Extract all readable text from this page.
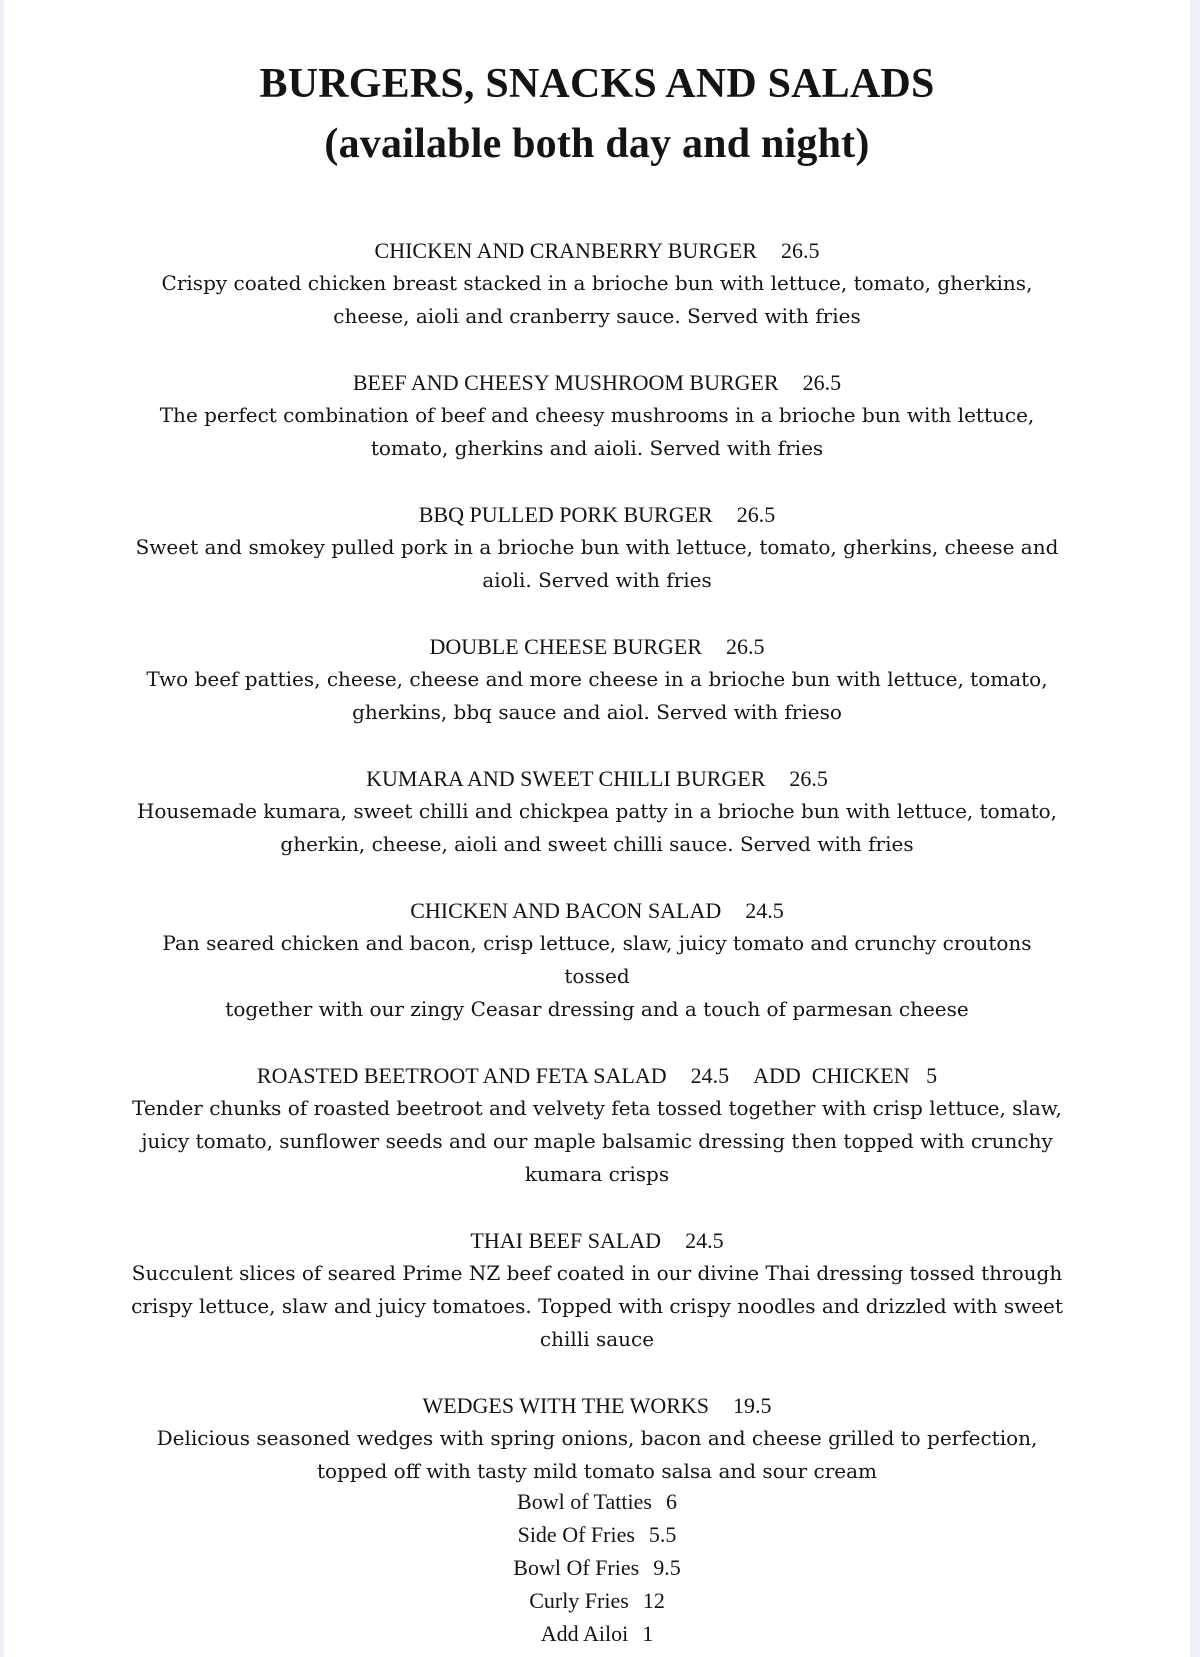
BURGERS, SNACKS AND SALADS

(available both day and night)

CHICKEN AND CRANBERRY BURGER 26.5
Crispy coated chicken breast stacked in a brioche bun with lettuce, tomato, gherkins,
cheese, aioli and cranberry sauce. Served with fries
BEEF AND CHEESY MUSHROOM BURGER 26.5
The perfect combination of beef and cheesy mushrooms in a brioche bun with lettuce,
tomato, gherkins and aioli. Served with fries
BBQ PULLED PORK BURGER 26.5
Sweet and smokey pulled pork in a brioche bun with lettuce, tomato, gherkins, cheese and
aioli. Served with fries
DOUBLE CHEESE BURGER 26.5
Two beef patties, cheese, cheese and more cheese in a brioche bun with lettuce, tomato,
gherkins, bbq sauce and aiol. Served with frieso
KUMARA AND SWEET CHILLI BURGER 26.5
Housemade kumara, sweet chilli and chickpea patty in a brioche bun with lettuce, tomato,
gherkin, cheese, aioli and sweet chilli sauce. Served with fries
CHICKEN AND BACON SALAD 24.5
Pan seared chicken and bacon, crisp lettuce, slaw, juicy tomato and crunchy croutons tossed
together with our zingy Ceasar dressing and a touch of parmesan cheese
ROASTED BEETROOT AND FETA SALAD 24.5 ADD  CHICKEN   5
Tender chunks of roasted beetroot and velvety feta tossed together with crisp lettuce, slaw,
juicy tomato, sunflower seeds and our maple balsamic dressing then topped with crunchy
kumara crisps
THAI BEEF SALAD 24.5
Succulent slices of seared Prime NZ beef coated in our divine Thai dressing tossed through
crispy lettuce, slaw and juicy tomatoes. Topped with crispy noodles and drizzled with sweet
chilli sauce
WEDGES WITH THE WORKS 19.5
Delicious seasoned wedges with spring onions, bacon and cheese grilled to perfection,
topped off with tasty mild tomato salsa and sour cream
Bowl of Tatties 6
Side Of Fries 5.5
Bowl Of Fries 9.5
Curly Fries 12
Add Ailoi 1
